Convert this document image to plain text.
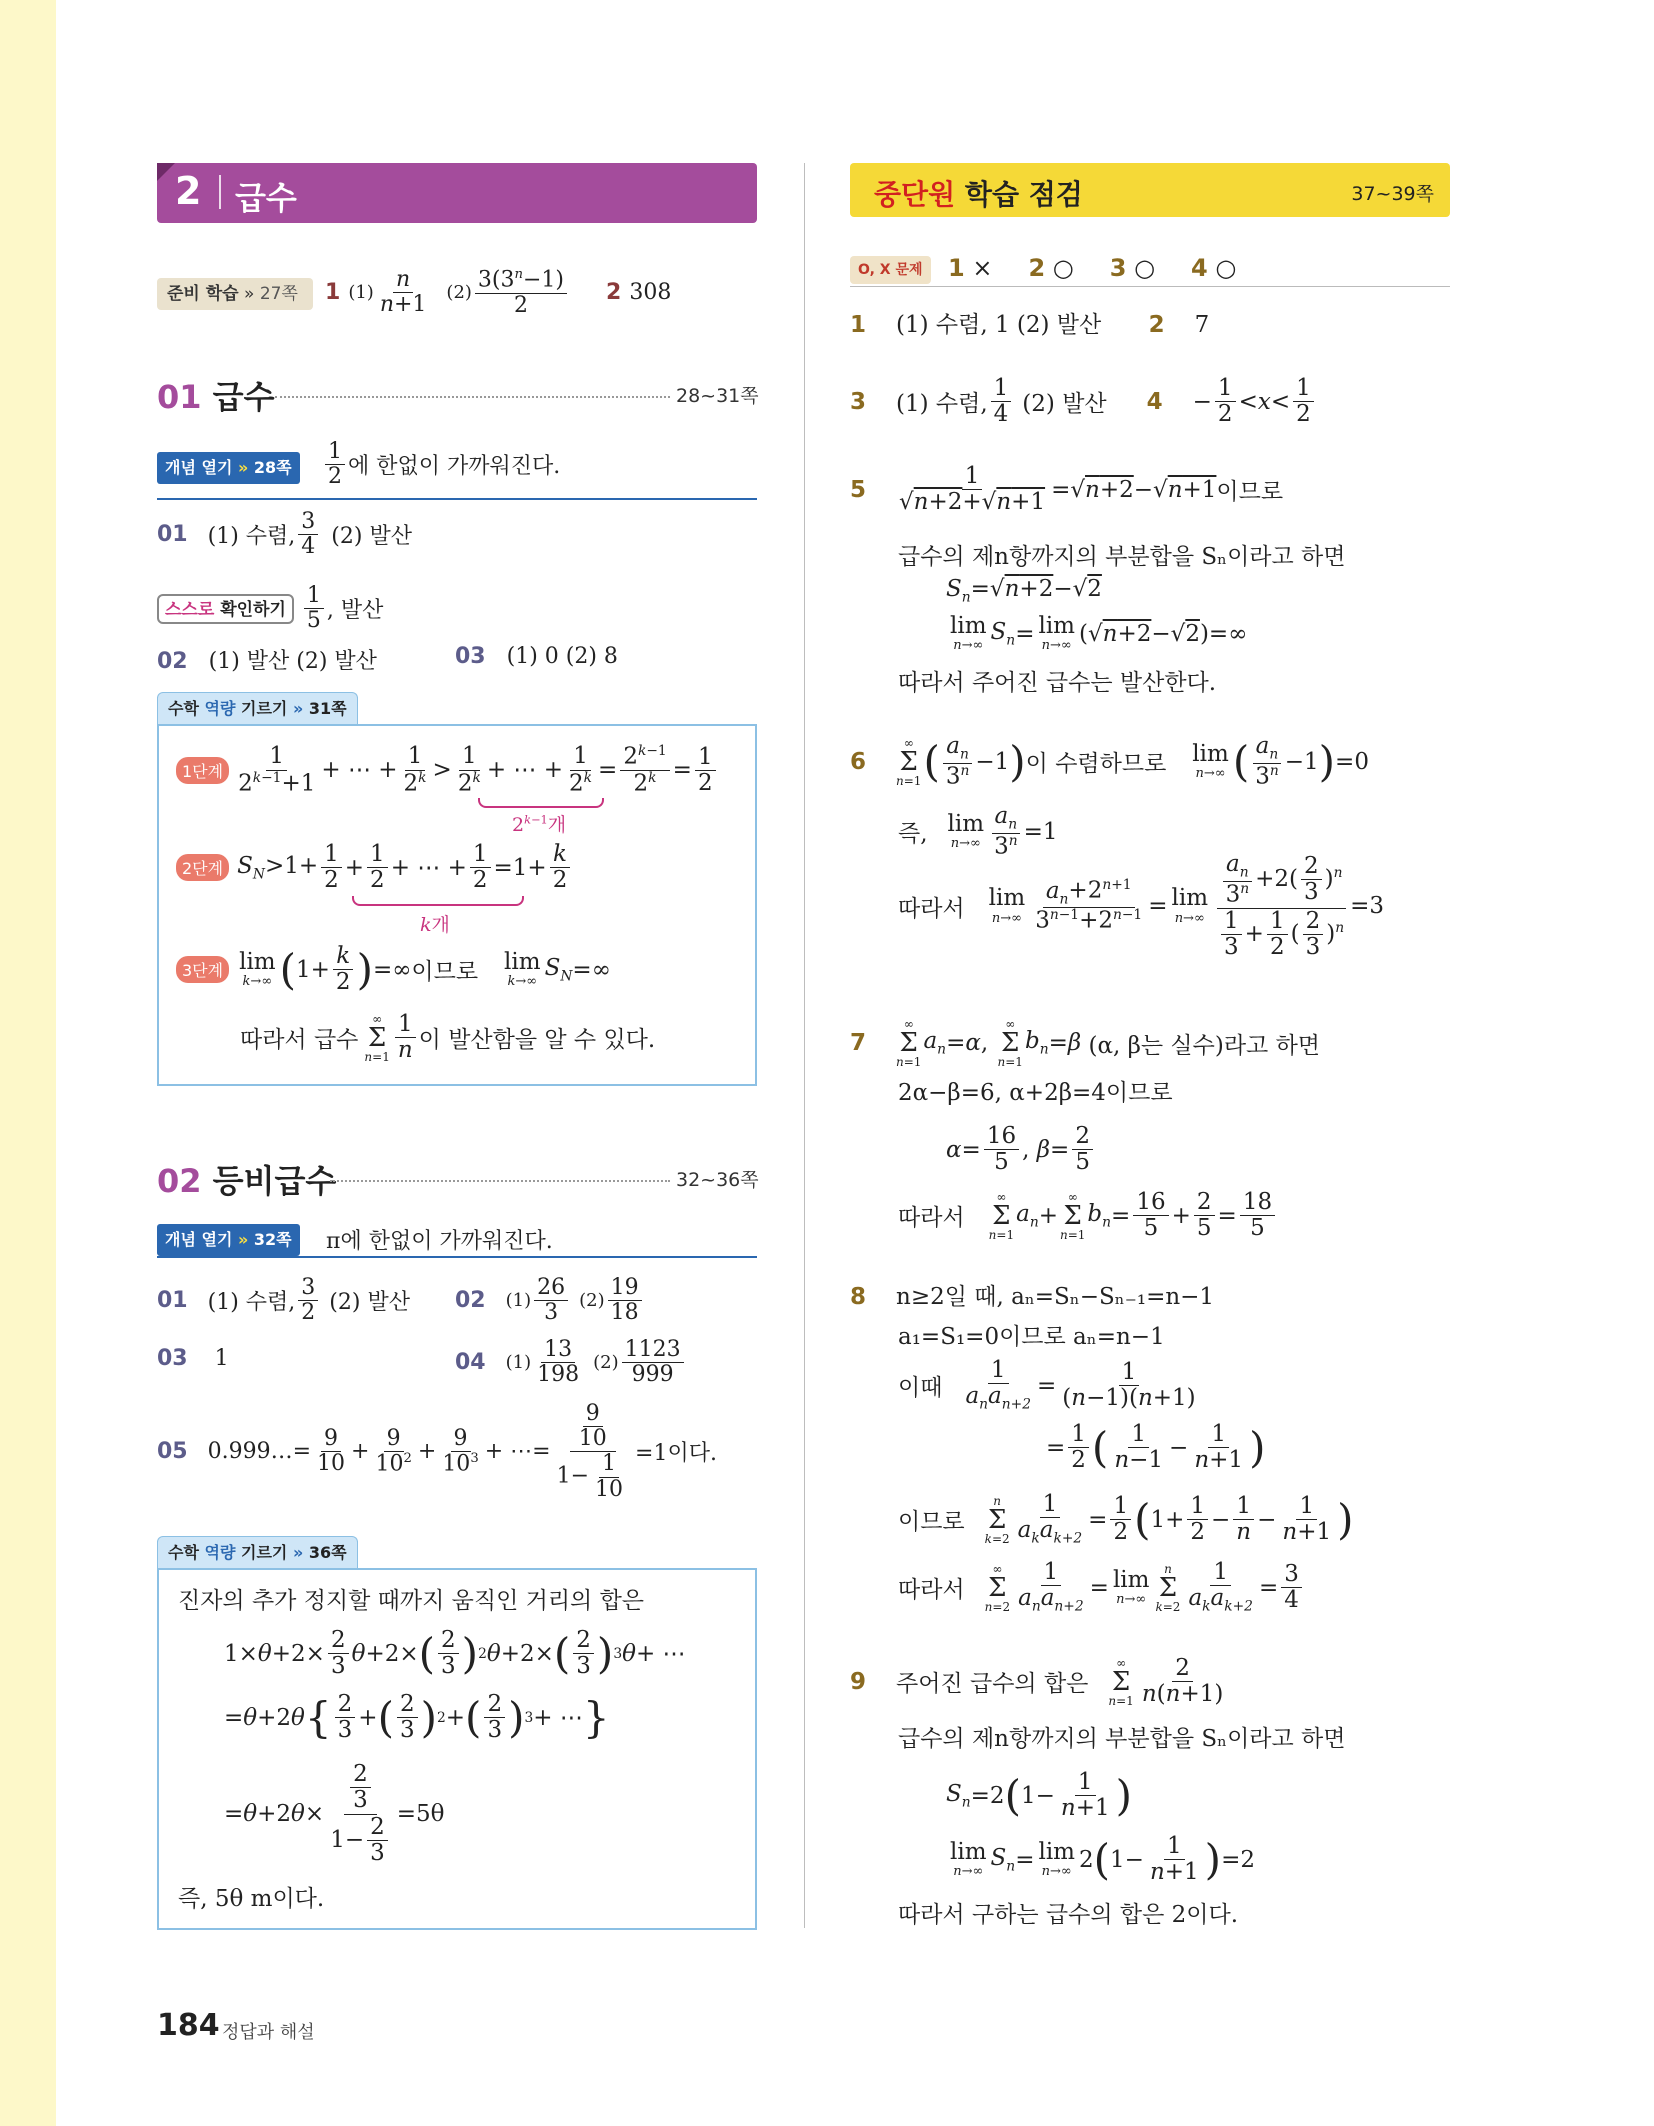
2 급수
준비 학습 » 27쪽	1 $(1) \frac{n}{n+1} (2) \frac{3(3^n-1)}{2} 2$ 308
01 급수	28~31쪽
개념 열기 » 28쪽	$\frac{1}{2}$ 에 한없이 가까워진다.
01 (1) 수렴, $\frac{3}{4} (2)$ 발산
스스로 확인하기 $\frac{1}{5}$ , 발산
02 (1) 발산 (2) 발산	03 (1) 0 (2) 8
수학 역량 기르기 » 31쪽
1단계 $\frac{1}{2^{k-1}+1}$ + ⋯ + $\frac{1}{2^k} > \frac{1}{2^k}$ + ⋯ + $\frac{1}{2^k} = \frac{2^{k-1}}{2^k} = \frac{1}{2}$
$2^{k-1}$개
2단계 $S_N>1+ \frac{1}{2} + \frac{1}{2}$ + ⋯ + $\frac{1}{2} =1+ \frac{k}{2}$
k개
3단계 lim
k→∞ ( $1+ \frac{k}{2}$ ) =∞ 이므로 lim
k→∞
$S_N$ =∞
따라서 급수
∞
Σ
$n=1 \frac{1}{n}$ 이 발산함을 알 수 있다.
02 등비급수	32~36쪽
개념 열기 » 32쪽	π에 한없이 가까워진다.
01 (1) 수렴, $\frac{3}{2} (2)$ 발산 02 $(1) \frac{26}{3} (2) \frac{19}{18}$
03 1	04 $(1) \frac{13}{198} (2) \frac{1123}{999}$
05 0.999…= $\frac{9}{10} + \frac{9}{10^2} + \frac{9}{10^3}$ + ⋯= $\frac{\frac{9}{10}}{1- \frac{1}{10}} =1$이다.
수학 역량 기르기 » 36쪽
진자의 추가 정지할 때까지 움직인 거리의 합은
$1\times \theta +2\times \frac{2}{3}$ θ +2× ( $\frac{2}{3}$ ) 2 θ +2× ( $\frac{2}{3}$ ) 3 θ + ⋯
= θ +2 θ { $\frac{2}{3}$ + ( $\frac{2}{3}$ ) 2 + ( $\frac{2}{3}$ ) 3 + ⋯ }
= θ +2 $\theta \times \frac{\frac{2}{3}}{1- \frac{2}{3}} =5\theta$
즉, 5θ m이다.
184 정답과 해설
중단원 학습 점검	37~39쪽
O, X 문제	1 × 2 ○ 3 ○ 4 ○
1 (1) 수렴, 1 (2) 발산 2 7
3 (1) 수렴, $\frac{1}{4} (2)$ 발산 $4 - \frac{1}{2} < x < \frac{1}{2}$
$5 \frac{1}{√n+2+√n+1}$ =√ n+2 −√ n+1 이므로
급수의 제n항까지의 부분합을 Sₙ이라고 하면
$S_n=√n+2-√2$
lim
n→∞
$S_n = \lim$
n→∞ (√ n+2 −√ 2 )=∞
따라서 주어진 급수는 발산한다.
6
∞
Σ
n=1 ( $\frac{a_n}{3^n} -1$ ) 이 수렴하므로 lim
n→∞ ( $\frac{a_n}{3^n} -1$ ) =0
즉, lim
$n\to\infty \frac{a_n}{3^n} =1$
따라서 lim
$n\to\infty \frac{a_n+2^{n+1}}{3^{n-1}+2^{n-1}} = \lim$
$n\to\infty \frac{\frac{a_n}{3^n} +2( \frac{2}{3} )^n}{\frac{1}{3} + \frac{1}{2} ( \frac{2}{3} )^n} =3$
7
∞
Σ
n=1
$a_n = \alpha$ ,
∞
Σ
n=1
$b_n = \beta$
(α, β는 실수)라고 하면
2α−β=6, α+2β=4이므로
$\alpha = \frac{16}{5}$ , $\beta = \frac{2}{5}$
따라서
∞
Σ
n=1
$a_n$ +
∞
Σ
n=1
$b_n = \frac{16}{5} + \frac{2}{5} = \frac{18}{5}$
8 n≥2일 때, aₙ=Sₙ−Sₙ₋₁=n−1
a₁=S₁=0이므로 aₙ=n−1
이때 $\frac{1}{a_na_{n+2}} = \frac{1}{(n-1)(n+1)}$
= $\frac{1}{2}$ ( $\frac{1}{n-1} - \frac{1}{n+1}$ )
이므로
n
Σ
$k=2 \frac{1}{a_ka_{k+2}} = \frac{1}{2}$ ( $1+ \frac{1}{2} - \frac{1}{n} - \frac{1}{n+1}$ )
따라서
∞
Σ
$n=2 \frac{1}{a_na_{n+2}} = \lim$
n→∞
n
Σ
$k=2 \frac{1}{a_ka_{k+2}} = \frac{3}{4}$
9 주어진 급수의 합은
∞
Σ
$n=1 \frac{2}{n(n+1)}$
급수의 제n항까지의 부분합을 Sₙ이라고 하면
$S_n =2$ ( $1- \frac{1}{n+1}$ )
lim
n→∞
$S_n = \lim$
n→∞ 2 ( $1- \frac{1}{n+1}$ ) =2
따라서 구하는 급수의 합은 2이다.
